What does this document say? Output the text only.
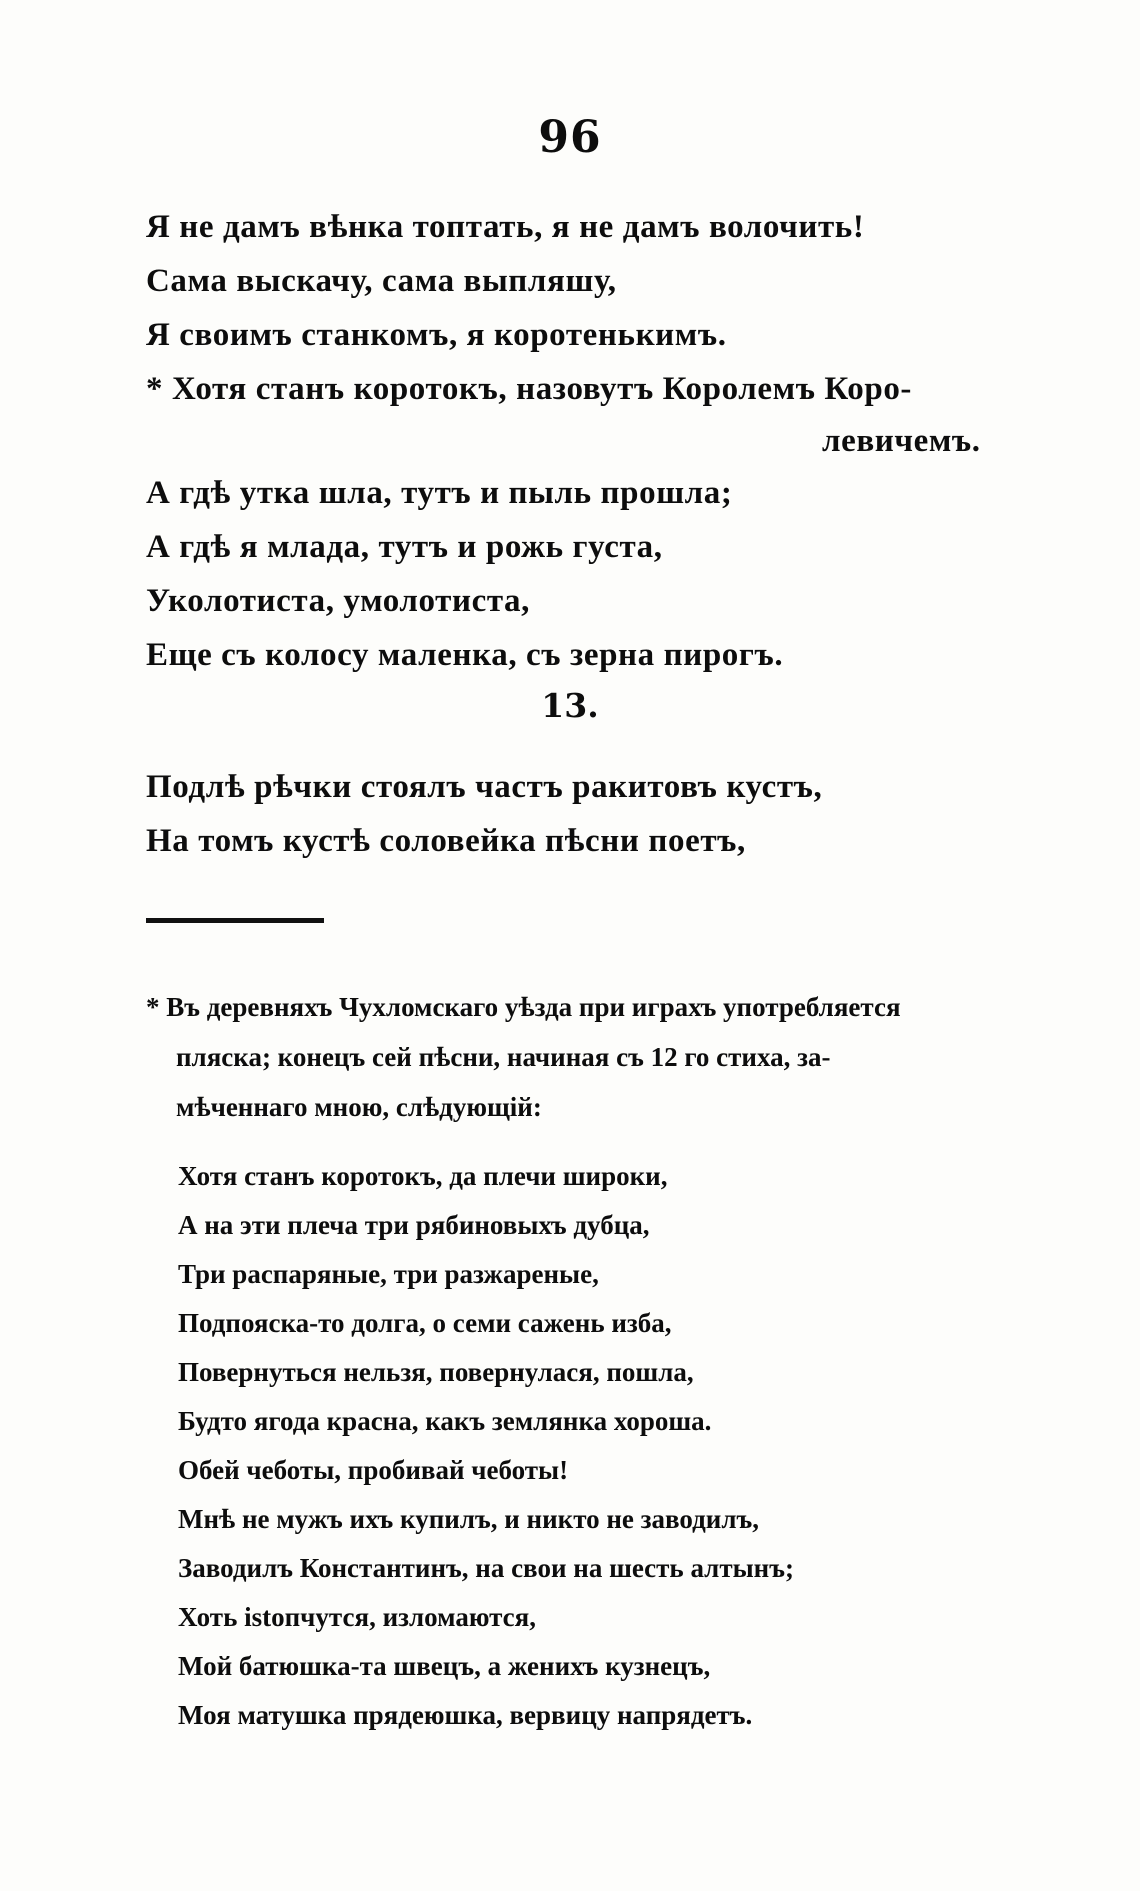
96
Я не дамъ вѣнка топтать, я не дамъ волочить!
Сама выскачу, сама выпляшу,
Я своимъ станкомъ, я коротенькимъ.
* Хотя станъ коротокъ, назовутъ Королемъ Коро-
левичемъ.
А гдѣ утка шла, тутъ и пыль прошла;
А гдѣ я млада, тутъ и рожь густа,
Уколотиста, умолотиста,
Еще съ колосу маленка, съ зерна пирогъ.
13.
Подлѣ рѣчки стоялъ частъ ракитовъ кустъ,
На томъ кустѣ соловейка пѣсни поетъ,
* Въ деревняхъ Чухломскаго уѣзда при играхъ употребляется
пляска; конецъ сей пѣсни, начиная съ 12 го стиха, за-
мѣченнаго мною, слѣдующій:
Хотя станъ коротокъ, да плечи широки,
А на эти плеча три рябиновыхъ дубца,
Три распаряные, три разжареные,
Подпояска-то долга, о семи сажень изба,
Повернуться нельзя, повернулася, пошла,
Будто ягода красна, какъ землянка хороша.
Обей чеботы, пробивай чеботы!
Мнѣ не мужъ ихъ купилъ, и никто не заводилъ,
Заводилъ Константинъ, на свои на шесть алтынъ;
Хоть istопчутся, изломаются,
Мой батюшка-та швецъ, а женихъ кузнецъ,
Моя матушка прядеюшка, вервицу напрядетъ.
